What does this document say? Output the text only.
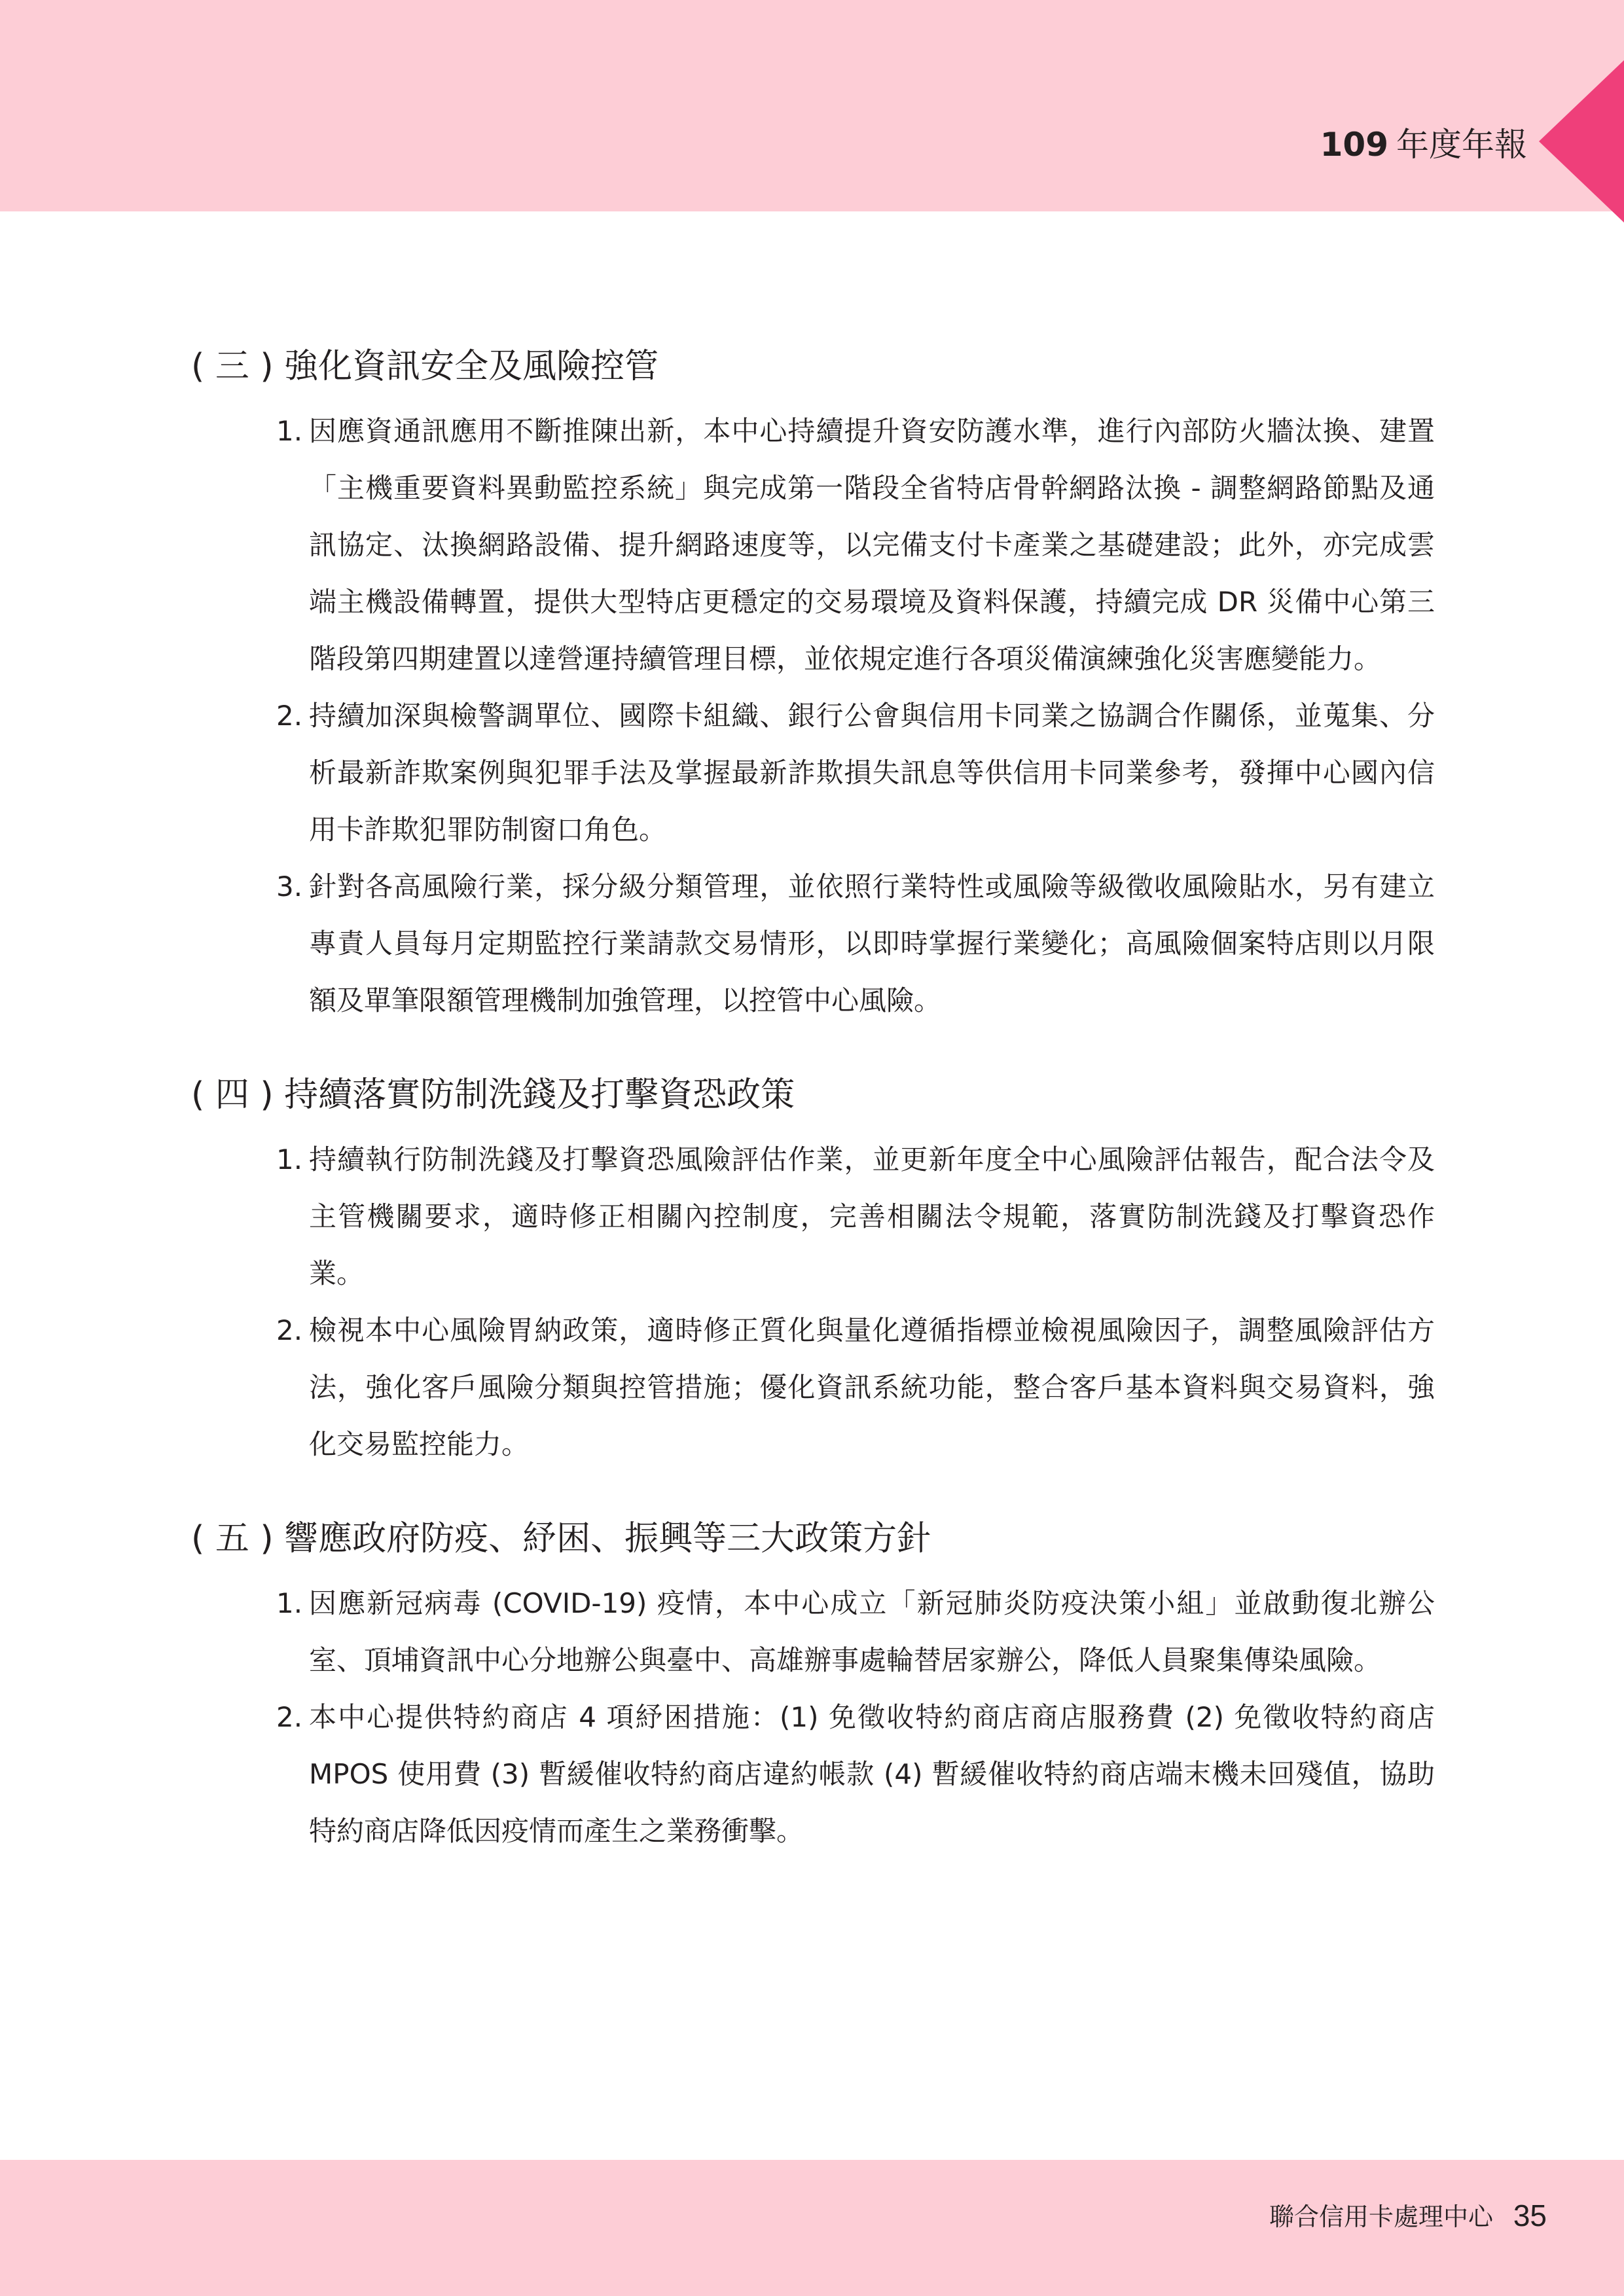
109 年度年報
( 三 ) 強化資訊安全及風險控管
1. 因應資通訊應用不斷推陳出新，本中心持續提升資安防護水準，進行內部防火牆汰換、建置「主機重要資料異動監控系統」與完成第一階段全省特店骨幹網路汰換 - 調整網路節點及通訊協定、汰換網路設備、提升網路速度等，以完備支付卡產業之基礎建設；此外，亦完成雲端主機設備轉置，提供大型特店更穩定的交易環境及資料保護，持續完成 DR 災備中心第三階段第四期建置以達營運持續管理目標，並依規定進行各項災備演練強化災害應變能力。
2. 持續加深與檢警調單位、國際卡組織、銀行公會與信用卡同業之協調合作關係，並蒐集、分析最新詐欺案例與犯罪手法及掌握最新詐欺損失訊息等供信用卡同業參考，發揮中心國內信用卡詐欺犯罪防制窗口角色。
3. 針對各高風險行業，採分級分類管理，並依照行業特性或風險等級徵收風險貼水，另有建立專責人員每月定期監控行業請款交易情形，以即時掌握行業變化；高風險個案特店則以月限額及單筆限額管理機制加強管理，以控管中心風險。
( 四 ) 持續落實防制洗錢及打擊資恐政策
1. 持續執行防制洗錢及打擊資恐風險評估作業，並更新年度全中心風險評估報告，配合法令及主管機關要求，適時修正相關內控制度，完善相關法令規範，落實防制洗錢及打擊資恐作業。
2. 檢視本中心風險胃納政策，適時修正質化與量化遵循指標並檢視風險因子，調整風險評估方法，強化客戶風險分類與控管措施；優化資訊系統功能，整合客戶基本資料與交易資料，強化交易監控能力。
( 五 ) 響應政府防疫、紓困、振興等三大政策方針
1. 因應新冠病毒 (COVID-19) 疫情，本中心成立「新冠肺炎防疫決策小組」並啟動復北辦公室、頂埔資訊中心分地辦公與臺中、高雄辦事處輪替居家辦公，降低人員聚集傳染風險。
2. 本中心提供特約商店 4 項紓困措施：(1) 免徵收特約商店商店服務費 (2) 免徵收特約商店 MPOS 使用費 (3) 暫緩催收特約商店違約帳款 (4) 暫緩催收特約商店端末機未回殘值，協助特約商店降低因疫情而產生之業務衝擊。
聯合信用卡處理中心 35
